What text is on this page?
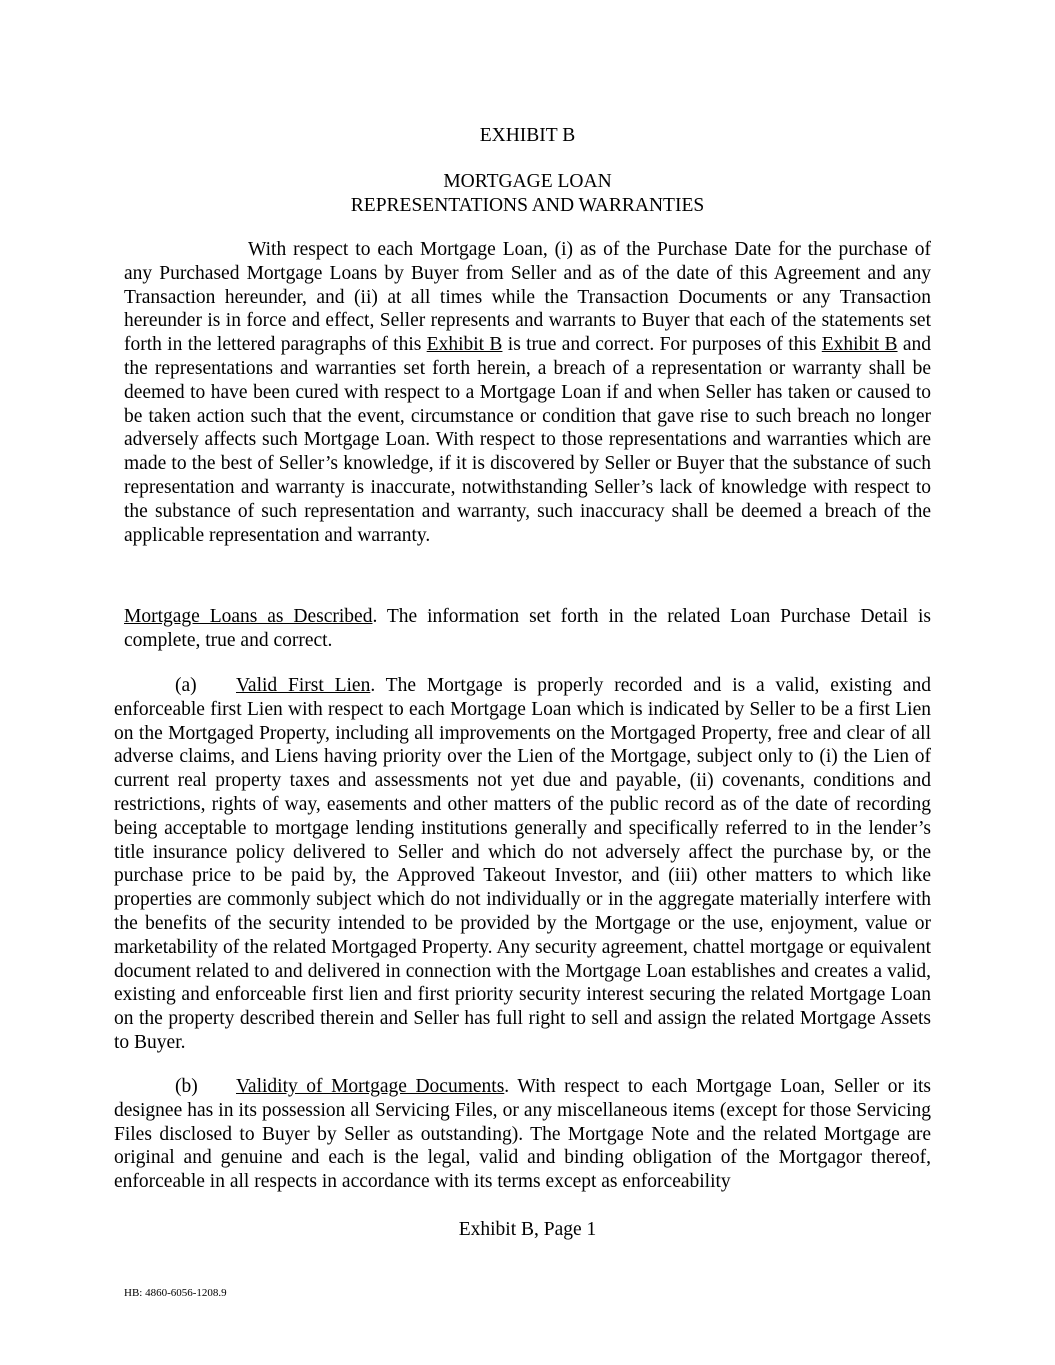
EXHIBIT B
MORTGAGE LOAN
REPRESENTATIONS AND WARRANTIES

With respect to each Mortgage Loan, (i) as of the Purchase Date for the purchase of any Purchased Mortgage Loans by Buyer from Seller and as of the date of this Agreement and any Transaction hereunder, and (ii) at all times while the Transaction Documents or any Transaction hereunder is in force and effect, Seller represents and warrants to Buyer that each of the statements set forth in the lettered paragraphs of this Exhibit B is true and correct. For purposes of this Exhibit B and the representations and warranties set forth herein, a breach of a representation or warranty shall be deemed to have been cured with respect to a Mortgage Loan if and when Seller has taken or caused to be taken action such that the event, circumstance or condition that gave rise to such breach no longer adversely affects such Mortgage Loan. With respect to those representations and warranties which are made to the best of Seller’s knowledge, if it is discovered by Seller or Buyer that the substance of such representation and warranty is inaccurate, notwithstanding Seller’s lack of knowledge with respect to the substance of such representation and warranty, such inaccuracy shall be deemed a breach of the applicable representation and warranty.

Mortgage Loans as Described. The information set forth in the related Loan Purchase Detail is complete, true and correct.

(a) Valid First Lien. The Mortgage is properly recorded and is a valid, existing and enforceable first Lien with respect to each Mortgage Loan which is indicated by Seller to be a first Lien on the Mortgaged Property, including all improvements on the Mortgaged Property, free and clear of all adverse claims, and Liens having priority over the Lien of the Mortgage, subject only to (i) the Lien of current real property taxes and assessments not yet due and payable, (ii) covenants, conditions and restrictions, rights of way, easements and other matters of the public record as of the date of recording being acceptable to mortgage lending institutions generally and specifically referred to in the lender’s title insurance policy delivered to Seller and which do not adversely affect the purchase by, or the purchase price to be paid by, the Approved Takeout Investor, and (iii) other matters to which like properties are commonly subject which do not individually or in the aggregate materially interfere with the benefits of the security intended to be provided by the Mortgage or the use, enjoyment, value or marketability of the related Mortgaged Property. Any security agreement, chattel mortgage or equivalent document related to and delivered in connection with the Mortgage Loan establishes and creates a valid, existing and enforceable first lien and first priority security interest securing the related Mortgage Loan on the property described therein and Seller has full right to sell and assign the related Mortgage Assets to Buyer.

(b) Validity of Mortgage Documents. With respect to each Mortgage Loan, Seller or its designee has in its possession all Servicing Files, or any miscellaneous items (except for those Servicing Files disclosed to Buyer by Seller as outstanding). The Mortgage Note and the related Mortgage are original and genuine and each is the legal, valid and binding obligation of the Mortgagor thereof, enforceable in all respects in accordance with its terms except as enforceability

Exhibit B, Page 1
HB: 4860-6056-1208.9
